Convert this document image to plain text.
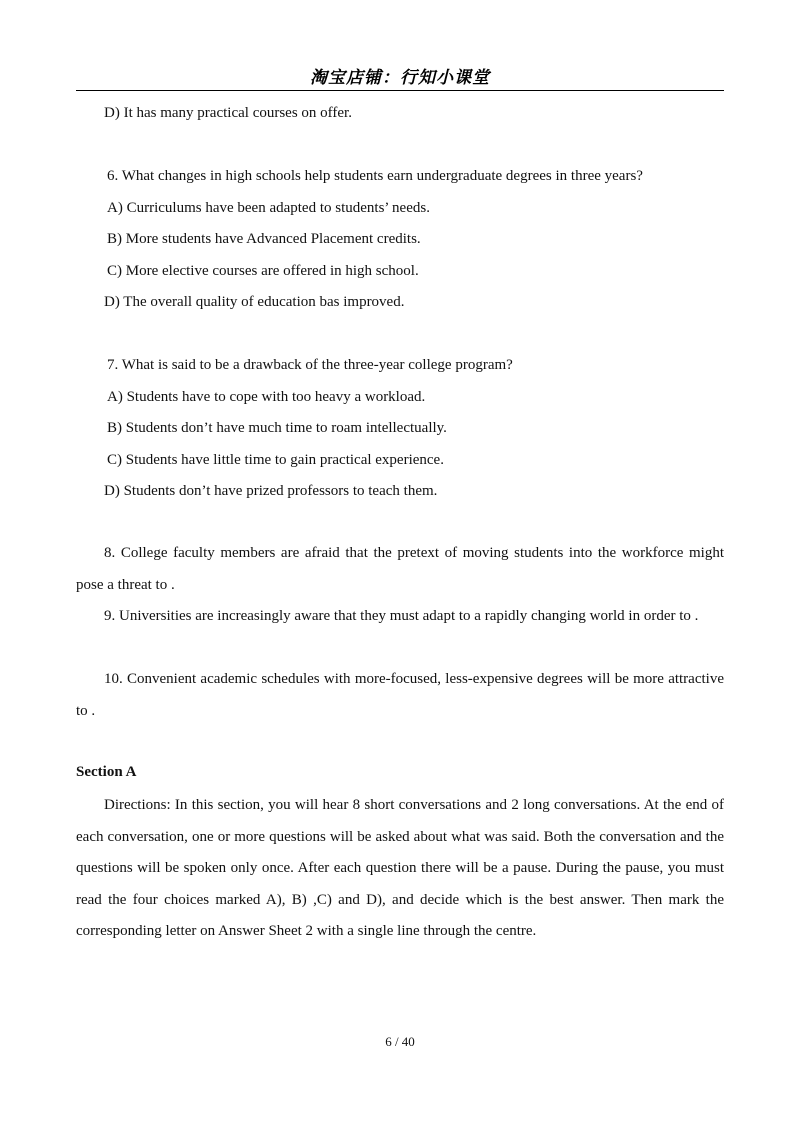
淘宝店铺：行知小课堂
D) It has many practical courses on offer.
6. What changes in high schools help students earn undergraduate degrees in three years?
A) Curriculums have been adapted to students’ needs.
B) More students have Advanced Placement credits.
C) More elective courses are offered in high school.
D) The overall quality of education bas improved.
7. What is said to be a drawback of the three-year college program?
A) Students have to cope with too heavy a workload.
B) Students don’t have much time to roam intellectually.
C) Students have little time to gain practical experience.
D) Students don’t have prized professors to teach them.
8. College faculty members are afraid that the pretext of moving students into the workforce might pose a threat to .
9. Universities are increasingly aware that they must adapt to a rapidly changing world in order to .
10. Convenient academic schedules with more-focused, less-expensive degrees will be more attractive to .
Section A
Directions: In this section, you will hear 8 short conversations and 2 long conversations. At the end of each conversation, one or more questions will be asked about what was said. Both the conversation and the questions will be spoken only once. After each question there will be a pause. During the pause, you must read the four choices marked A), B) ,C) and D), and decide which is the best answer. Then mark the corresponding letter on Answer Sheet 2 with a single line through the centre.
6 / 40
